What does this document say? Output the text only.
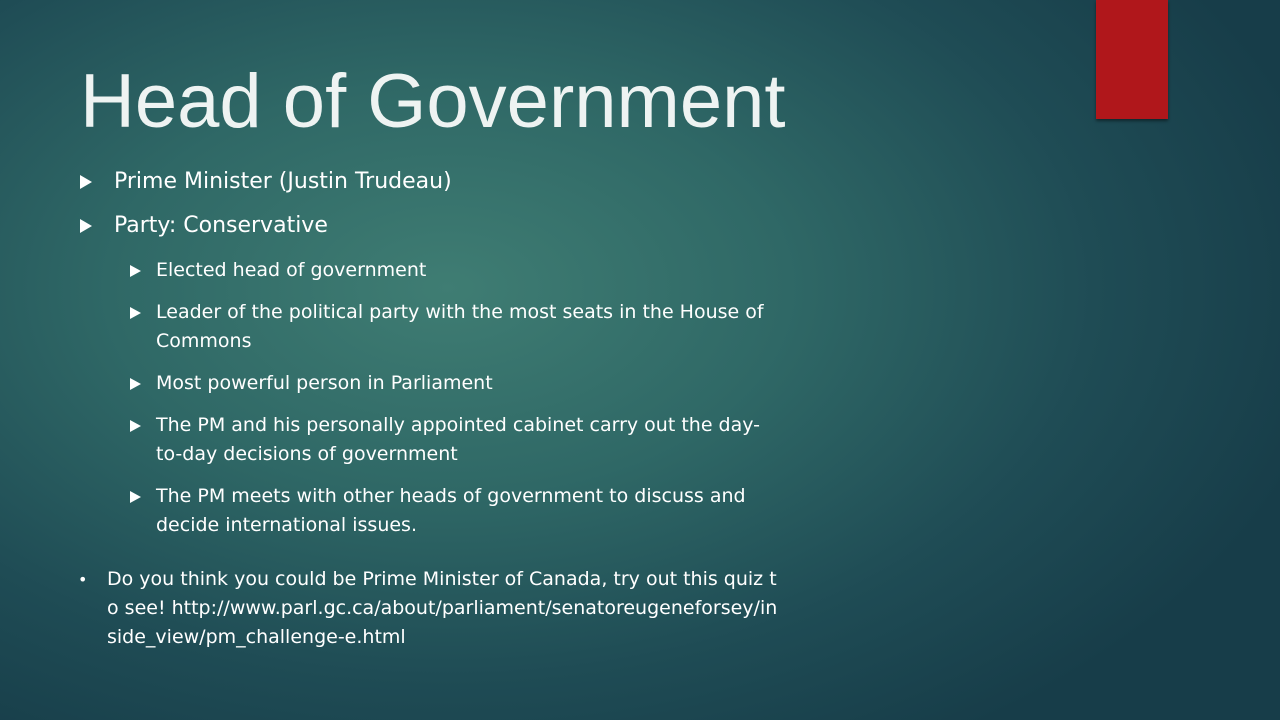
Head of Government
Prime Minister (Justin Trudeau)
Party: Conservative
Elected head of government
Leader of the political party with the most seats in the House of Commons
Most powerful person in Parliament
The PM and his personally appointed cabinet carry out the day-to-day decisions of government
The PM meets with other heads of government to discuss and decide international issues.
• Do you think you could be Prime Minister of Canada, try out this quiz to see! http://www.parl.gc.ca/about/parliament/senatoreugeneforsey/inside_view/pm_challenge-e.html
